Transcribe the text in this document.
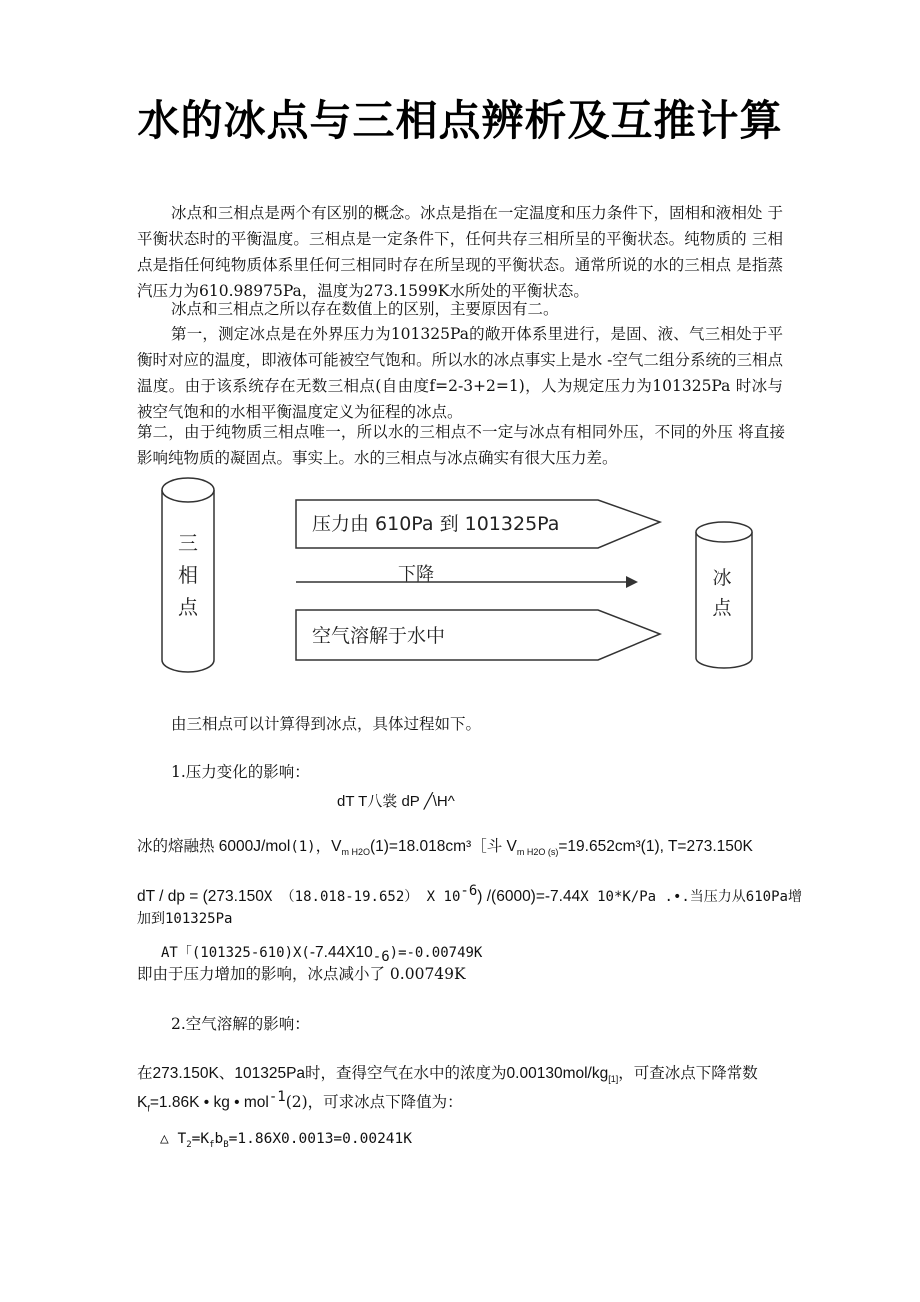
水的冰点与三相点辨析及互推计算
冰点和三相点是两个有区别的概念。冰点是指在一定温度和压力条件下，固相和液相处 于平衡状态时的平衡温度。三相点是一定条件下，任何共存三相所呈的平衡状态。纯物质的 三相点是指任何纯物质体系里任何三相同时存在所呈现的平衡状态。通常所说的水的三相点 是指蒸汽压力为610.98975Pa，温度为273.1599K水所处的平衡状态。
冰点和三相点之所以存在数值上的区别，主要原因有二。
第一，测定冰点是在外界压力为101325Pa的敞开体系里进行，是固、液、气三相处于平衡时对应的温度，即液体可能被空气饱和。所以水的冰点事实上是水 -空气二组分系统的三相点温度。由于该系统存在无数三相点(自由度f=2-3+2=1)，人为规定压力为101325Pa 时冰与被空气饱和的水相平衡温度定义为征程的冰点。
第二，由于纯物质三相点唯一，所以水的三相点不一定与冰点有相同外压，不同的外压 将直接影响纯物质的凝固点。事实上。水的三相点与冰点确实有很大压力差。
三
相
点
压力由 610Pa 到 101325Pa
下降
空气溶解于水中
冰
点
由三相点可以计算得到冰点，具体过程如下。
1.压力变化的影响：
dT T八裳 dP ╱\H^
冰的熔融热 6000J/mol(1)，$V_{m H2O}(1)=18.018cm^3[$斗 $V_{m H2O (s)}=19.652cm^3(1)$, T=273.150K
dT / dp = (273.150X （18.018-19.652） X $10^{-6}$) /(6000)=-7.44X 10*K/Pa .•.当压力从610Pa增
加到101325Pa
AT「$(101325-610)X(-7.44X10_{-6})=-0.00749K$
即由于压力增加的影响，冰点减小了 0.00749K
2.空气溶解的影响：
在273.150K、101325Pa时，查得空气在水中的浓度为$0.00130mol/kg_{[1]}$，可查冰点下降常数
$K_f=1.86K$ • kg • mol$^{-1}$(2)，可求冰点下降值为：
△ $T_2=K_fb_B=1.86X0.0013=0.00241K$
